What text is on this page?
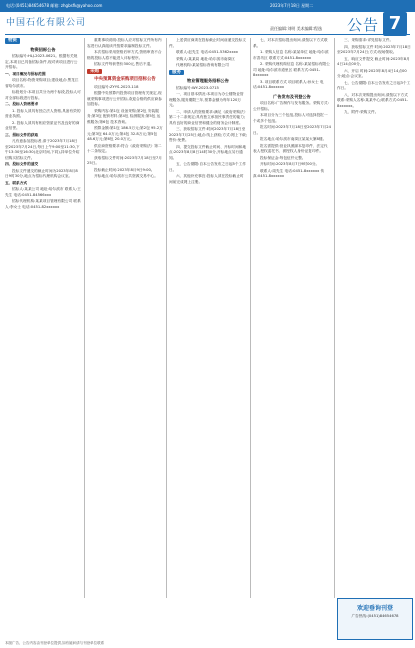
电话:(0451)84654678 邮箱: zhgbsfk@yahoo.com	2023年7月18日 星期二
中国石化有限公司
责任编辑:刘明 美术编辑:程逸 公告 7
物资
物资招标公告

招标编号:HLJ-2023-0621。根据有关规定,本项目已具备招标条件,现对该项目进行公开招标。

一、项目概况与招标范围

项目名称:物资采购项目;建设地点:黑龙江省哈尔滨市。

标段划分:本项目共分为两个标段,投标人可对全部标段进行投标。

二、投标人资格要求

1. 投标人须具有独立法人资格,具备有效的营业执照。

2. 投标人须具有相应资质证书及良好的商业信誉。

三、招标文件的获取

凡有意参加投标者,请于2023年7月18日至2023年7月24日,每日上午9:00至11:30,下午13:30至16:30(北京时间,下同),持单位介绍信购买招标文件。

四、投标文件的递交

投标文件递交的截止时间为2023年8月8日9时30分,地点为招标代理机构会议室。

五、联系方式

招标人:某某公司 地址:哈尔滨市 联系人:王先生 电话:0451-84566xxx

招标代理机构:某某项目管理有限公司 联系人:李女士 电话:0451-82xxxxxx

重要事项说明:投标人应对招标文件所有内容进行认真阅读并按要求编制投标文件。

本次招标采用资格后审方式,资格审查不合格的投标人将不能进入评标程序。

招标文件每套售价300元,售后不退。

采购
中央预算资金采购项目招标公告

项目编号:ZYYS-2023-118

根据中央预算内投资项目管理有关规定,现就采购事项进行公开招标,欢迎合格的供应商参加投标。

采购内容:第1包 设备采购;第2包 安装服务;第3包 配套材料;第4包 检测服务;第5包 运维服务;第6包 技术咨询。

预算金额:第1包 186.5万元;第2包 95.2万元;第3包 64.0万元;第4包 32.8万元;第5包 48.6万元;第6包 20.0万元。

供应商资格要求:符合《政府采购法》第二十二条规定。

获取招标文件时间:2023年7月18日至7月25日。

投标截止时间:2023年8月9日9:00。

开标地点:哈尔滨市公共资源交易中心。

上述供应商须在投标截止时间前递交投标文件。

联系人:赵先生 电话:0451-5362xxxx

采购人:某某局 地址:哈尔滨市南岗区

代理机构:某某招标咨询有限公司

服务
物业管理服务招标公告

招标编号:WY-2023-0715

一、项目基本情况:本项目为办公楼物业管理服务,服务期限三年,预算金额为每年120万元。

二、申请人的资格要求:满足《政府采购法》第二十二条规定;具有独立承担民事责任的能力;具有良好的商业信誉和健全的财务会计制度。

三、获取招标文件:时间2023年7月18日至2023年7月25日;地点:线上获取;方式:网上下载;售价:免费。

四、提交投标文件截止时间、开标时间和地点:2023年8月8日14时30分,开标地点另行通知。

五、公告期限:自本公告发布之日起5个工作日。

六、其他补充事宜:投标人须在投标截止时间前完成网上注册。

七、对本次招标提出询问,请按以下方式联系。

1. 采购人信息 名称:某某单位 地址:哈尔滨市香坊区 联系方式:0451-8xxxxxx

2. 采购代理机构信息 名称:某某招标有限公司 地址:哈尔滨市道里区 联系方式:0451-8xxxxxx

3. 项目联系方式 项目联系人:孙女士 电话:0451-8xxxxxx

广告发布及刊登公告

项目名称:广告制作与发布服务。采购方式:公开招标。

本项目分为三个包组,投标人可选择投报一个或多个包组。

报名时间:2023年7月18日至2023年7月24日。

报名地点:哈尔滨市南岗区某某大厦8楼。

报名需提供:营业执照副本复印件、法定代表人授权委托书、被授权人身份证复印件。

投标保证金:每包伍仟元整。

开标时间:2023年8月7日9时00分。

联系人:周先生 电话:0451-8xxxxxx 传真:0451-8xxxxxx

三、采购需求:详见招标文件。

四、获取招标文件 时间:2023年7月18日至2023年7月24日;方式:现场领取。

五、响应文件提交 截止时间:2023年8月4日14点00分。

六、开启 时间:2023年8月4日14点00分;地点:会议室。

七、公告期限:自本公告发布之日起3个工作日。

八、对本次采购提出询问,请按以下方式联系:采购人名称:某某中心;联系方式:0451-8xxxxxx。

九、附件:采购文件。

欢迎垂询刊登
广告热线:(0451)84654678
本版广告、公告内容由刊登单位提供,如有疑问请与刊登单位联系
